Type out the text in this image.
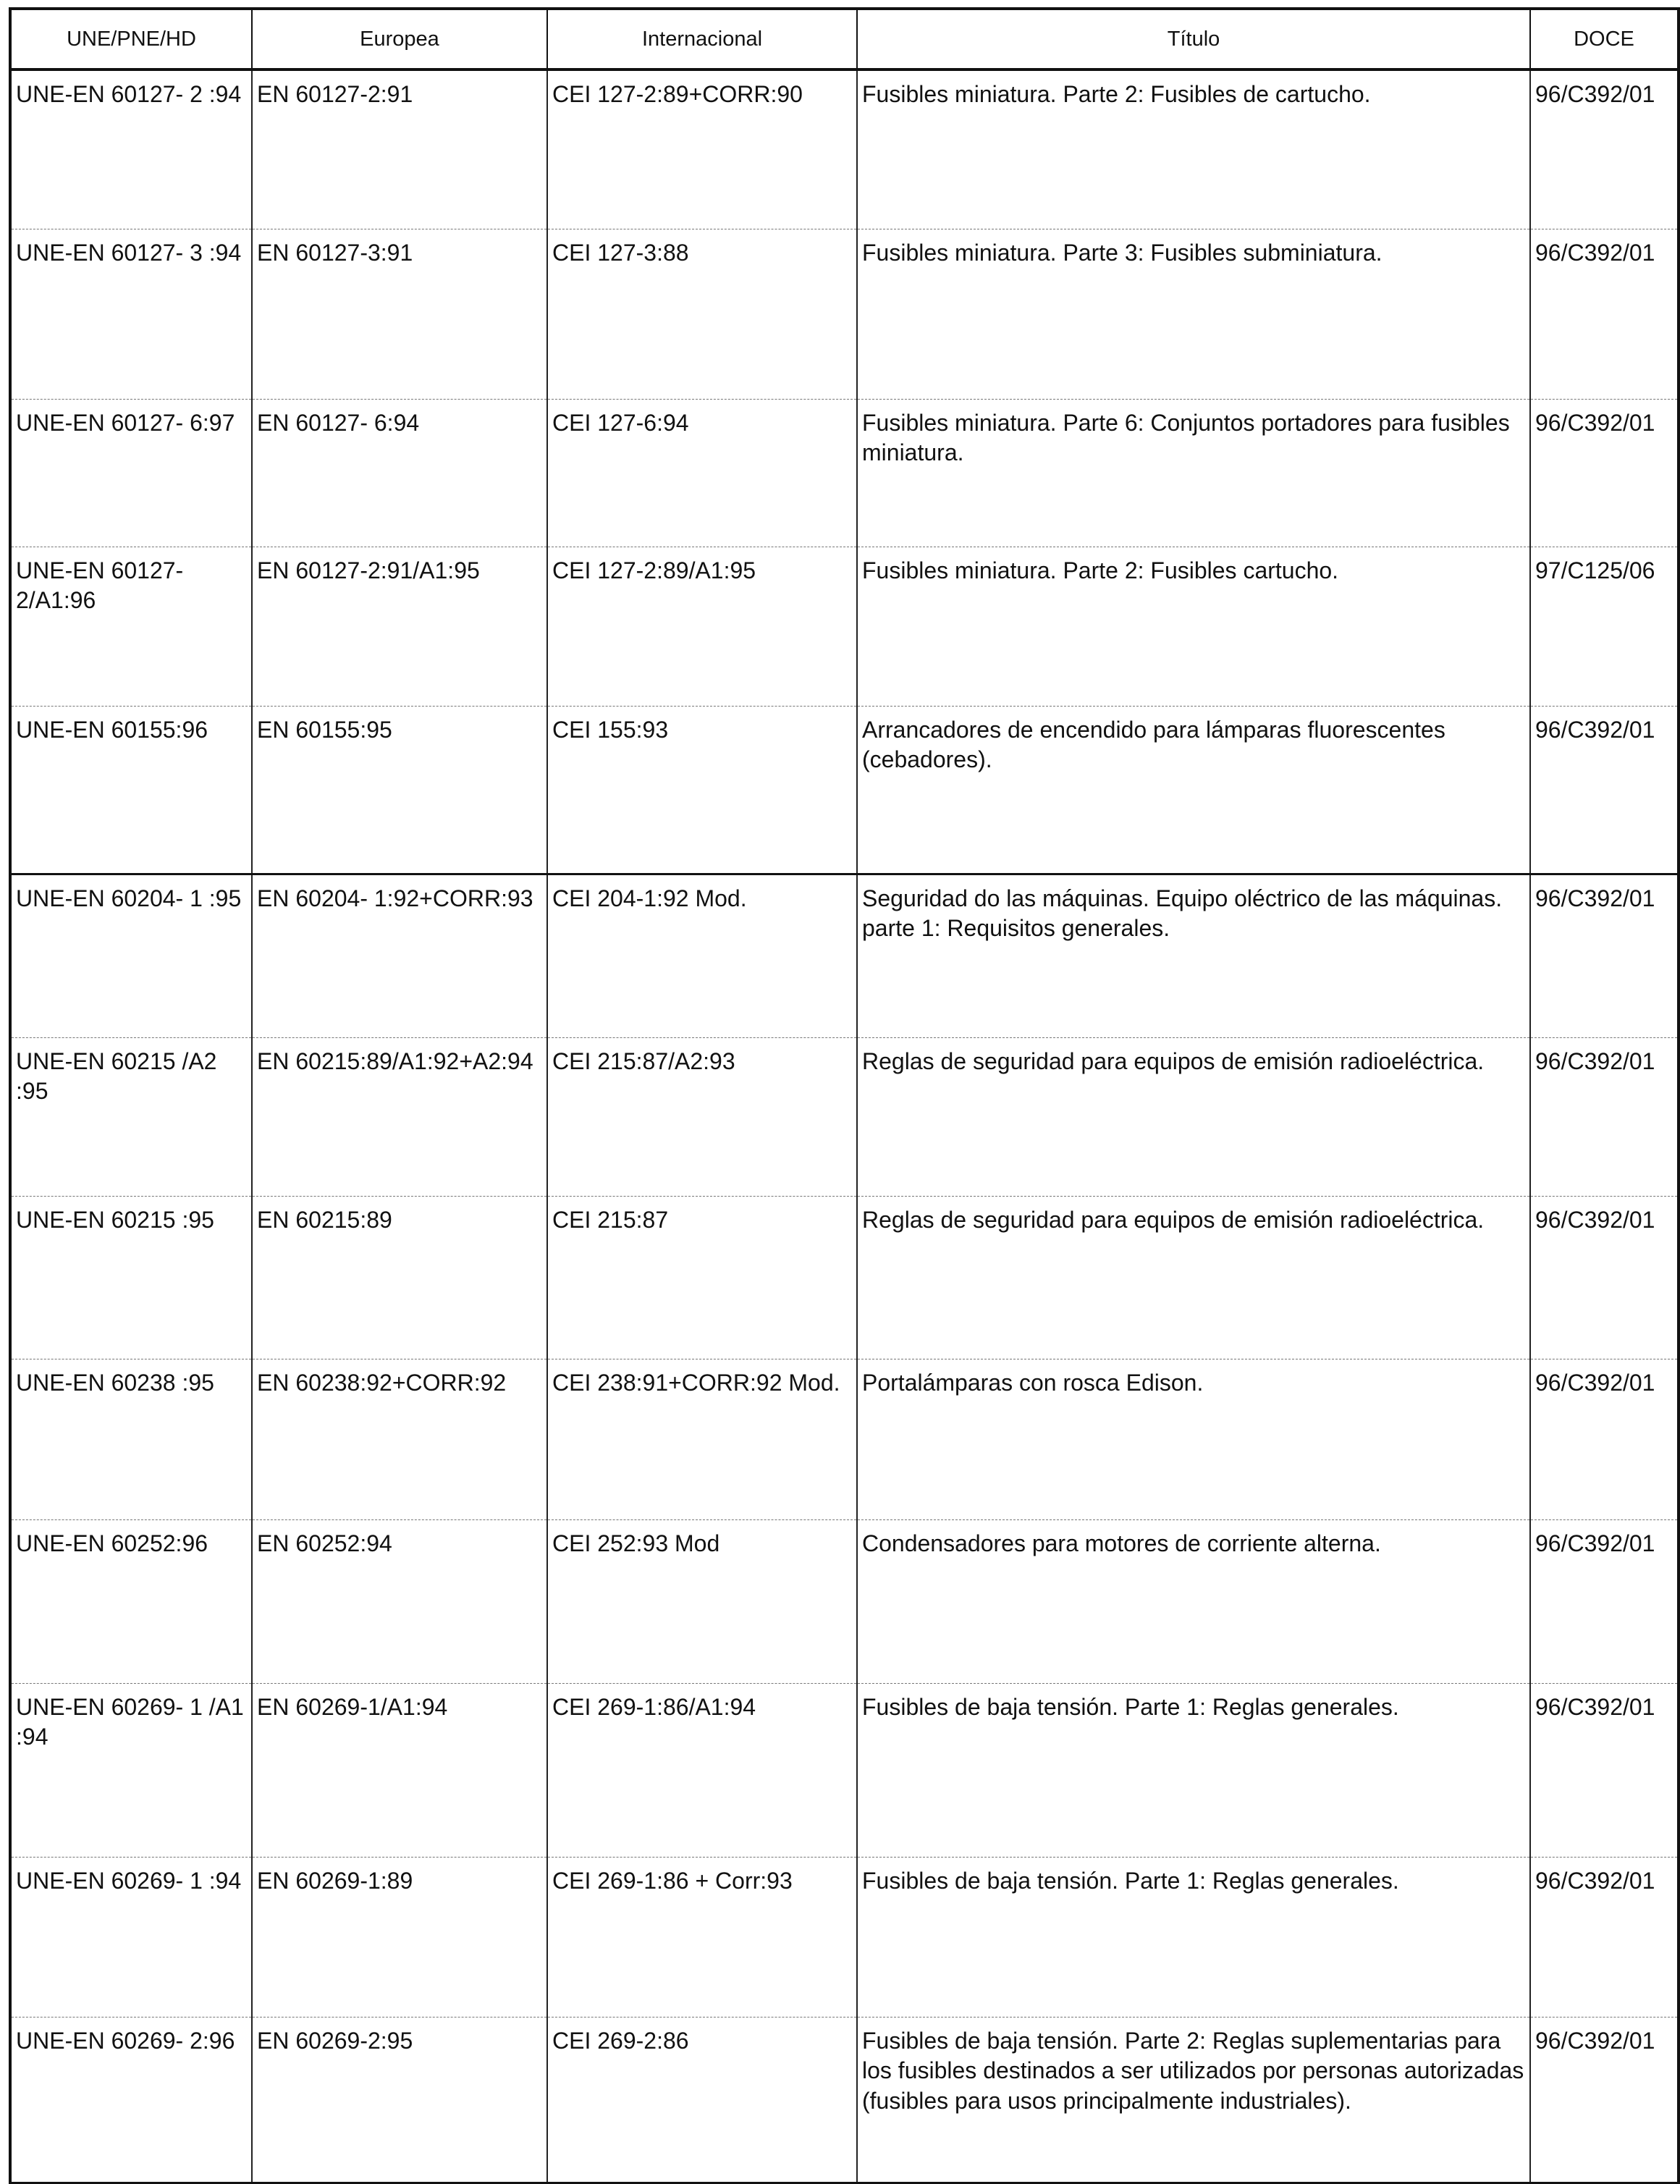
UNE/PNE/HD	Europea	Internacional	Título	DOCE
UNE-EN 60127- 2 :94	EN 60127-2:91	CEI 127-2:89+CORR:90	Fusibles miniatura. Parte 2: Fusibles de cartucho.	96/C392/01
UNE-EN 60127- 3 :94	EN 60127-3:91	CEI 127-3:88	Fusibles miniatura. Parte 3: Fusibles subminiatura.	96/C392/01
UNE-EN 60127- 6:97	EN 60127- 6:94	CEI 127-6:94	Fusibles miniatura. Parte 6: Conjuntos portadores para fusibles miniatura.	96/C392/01
UNE-EN 60127- 2/A1:96	EN 60127-2:91/A1:95	CEI 127-2:89/A1:95	Fusibles miniatura. Parte 2: Fusibles cartucho.	97/C125/06
UNE-EN 60155:96	EN 60155:95	CEI 155:93	Arrancadores de encendido para lámparas fluorescentes (cebadores).	96/C392/01
UNE-EN 60204- 1 :95	EN 60204- 1:92+CORR:93	CEI 204-1:92 Mod.	Seguridad do las máquinas. Equipo oléctrico de las máquinas. parte 1: Requisitos generales.	96/C392/01
UNE-EN 60215 /A2 :95	EN 60215:89/A1:92+A2:94	CEI 215:87/A2:93	Reglas de seguridad para equipos de emisión radioeléctrica.	96/C392/01
UNE-EN 60215 :95	EN 60215:89	CEI 215:87	Reglas de seguridad para equipos de emisión radioeléctrica.	96/C392/01
UNE-EN 60238 :95	EN 60238:92+CORR:92	CEI 238:91+CORR:92 Mod.	Portalámparas con rosca Edison.	96/C392/01
UNE-EN 60252:96	EN 60252:94	CEI 252:93 Mod	Condensadores para motores de corriente alterna.	96/C392/01
UNE-EN 60269- 1 /A1 :94	EN 60269-1/A1:94	CEI 269-1:86/A1:94	Fusibles de baja tensión. Parte 1: Reglas generales.	96/C392/01
UNE-EN 60269- 1 :94	EN 60269-1:89	CEI 269-1:86 + Corr:93	Fusibles de baja tensión. Parte 1: Reglas generales.	96/C392/01
UNE-EN 60269- 2:96	EN 60269-2:95	CEI 269-2:86	Fusibles de baja tensión. Parte 2: Reglas suplementarias para los fusibles destinados a ser utilizados por personas autorizadas (fusibles para usos principalmente industriales).	96/C392/01
